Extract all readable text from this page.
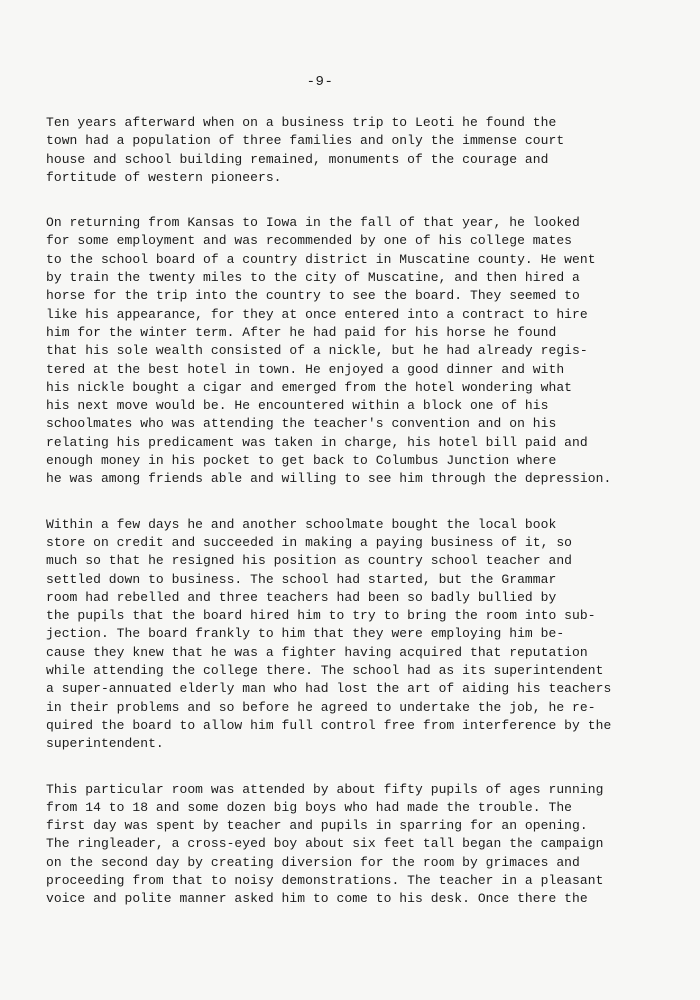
-9-
Ten years afterward when on a business trip to Leoti he found the
town had a population of three families and only the immense court
house and school building remained, monuments of the courage and
fortitude of western pioneers.
On returning from Kansas to Iowa in the fall of that year, he looked
for some employment and was recommended by one of his college mates
to the school board of a country district in Muscatine county. He went
by train the twenty miles to the city of Muscatine, and then hired a
horse for the trip into the country to see the board. They seemed to
like his appearance, for they at once entered into a contract to hire
him for the winter term. After he had paid for his horse he found
that his sole wealth consisted of a nickle, but he had already regis-
tered at the best hotel in town. He enjoyed a good dinner and with
his nickle bought a cigar and emerged from the hotel wondering what
his next move would be. He encountered within a block one of his
schoolmates who was attending the teacher's convention and on his
relating his predicament was taken in charge, his hotel bill paid and
enough money in his pocket to get back to Columbus Junction where
he was among friends able and willing to see him through the depression.
Within a few days he and another schoolmate bought the local book
store on credit and succeeded in making a paying business of it, so
much so that he resigned his position as country school teacher and
settled down to business. The school had started, but the Grammar
room had rebelled and three teachers had been so badly bullied by
the pupils that the board hired him to try to bring the room into sub-
jection. The board frankly to him that they were employing him be-
cause they knew that he was a fighter having acquired that reputation
while attending the college there. The school had as its superintendent
a super-annuated elderly man who had lost the art of aiding his teachers
in their problems and so before he agreed to undertake the job, he re-
quired the board to allow him full control free from interference by the
superintendent.
This particular room was attended by about fifty pupils of ages running
from 14 to 18 and some dozen big boys who had made the trouble. The
first day was spent by teacher and pupils in sparring for an opening.
The ringleader, a cross-eyed boy about six feet tall began the campaign
on the second day by creating diversion for the room by grimaces and
proceeding from that to noisy demonstrations. The teacher in a pleasant
voice and polite manner asked him to come to his desk. Once there the
